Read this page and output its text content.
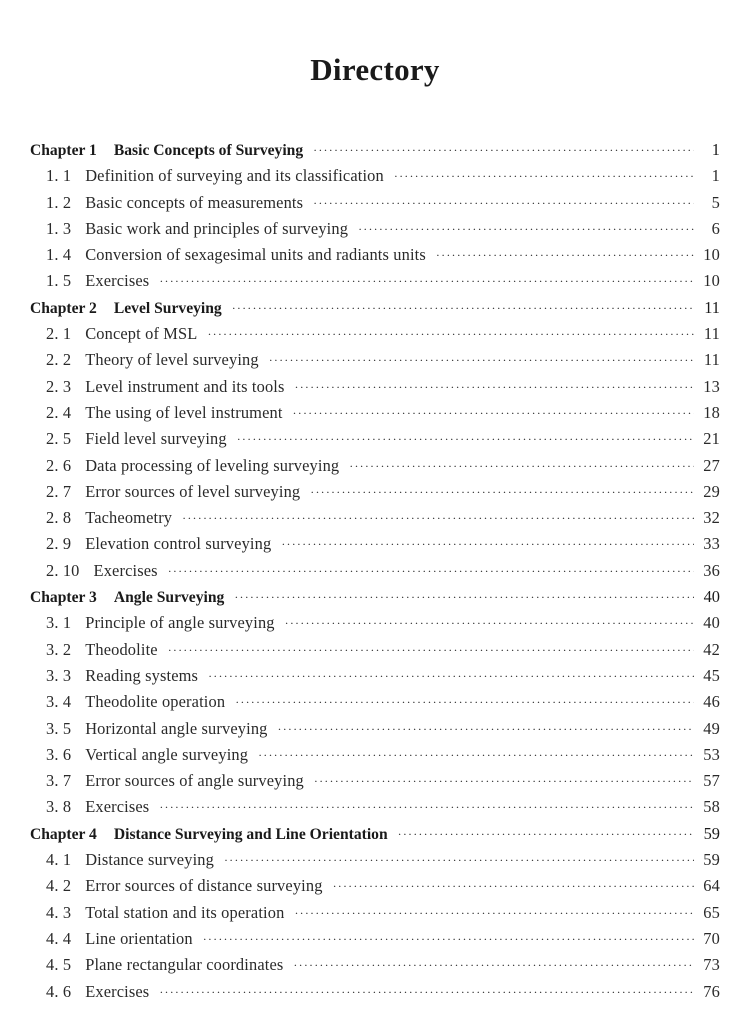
Directory
Chapter 1 Basic Concepts of Surveying ·····	1
1. 1 Definition of surveying and its classification ·····	1
1. 2 Basic concepts of measurements ·····	5
1. 3 Basic work and principles of surveying ·····	6
1. 4 Conversion of sexagesimal units and radiants units ·····	10
1. 5 Exercises ·····	10
Chapter 2 Level Surveying ·····	11
2. 1 Concept of MSL ·····	11
2. 2 Theory of level surveying ·····	11
2. 3 Level instrument and its tools ·····	13
2. 4 The using of level instrument ·····	18
2. 5 Field level surveying ·····	21
2. 6 Data processing of leveling surveying ·····	27
2. 7 Error sources of level surveying ·····	29
2. 8 Tacheometry ·····	32
2. 9 Elevation control surveying ·····	33
2. 10 Exercises ·····	36
Chapter 3 Angle Surveying ·····	40
3. 1 Principle of angle surveying ·····	40
3. 2 Theodolite ·····	42
3. 3 Reading systems ·····	45
3. 4 Theodolite operation ·····	46
3. 5 Horizontal angle surveying ·····	49
3. 6 Vertical angle surveying ·····	53
3. 7 Error sources of angle surveying ·····	57
3. 8 Exercises ·····	58
Chapter 4 Distance Surveying and Line Orientation ·····	59
4. 1 Distance surveying ·····	59
4. 2 Error sources of distance surveying ·····	64
4. 3 Total station and its operation ·····	65
4. 4 Line orientation ·····	70
4. 5 Plane rectangular coordinates ·····	73
4. 6 Exercises ·····	76
